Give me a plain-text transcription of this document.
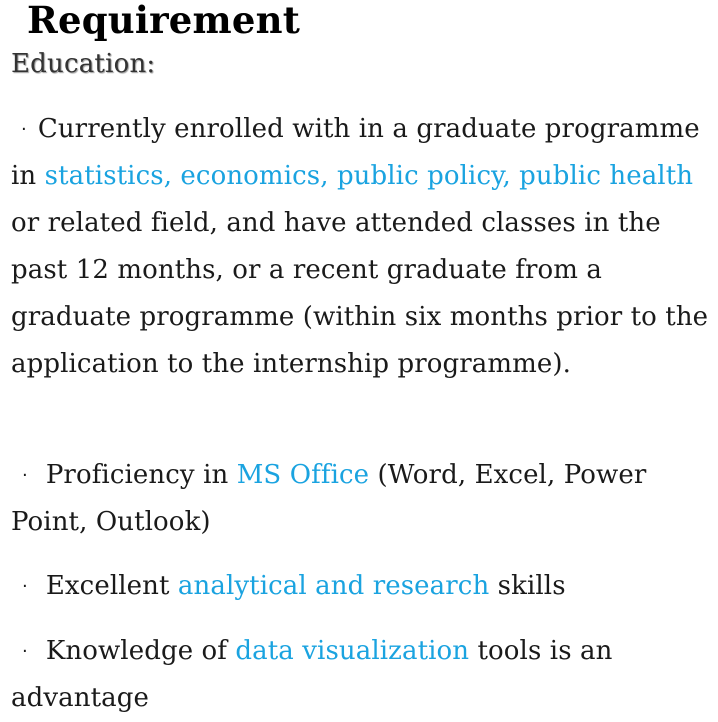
Requirement
Education:

· Currently enrolled with in a graduate programme in statistics, economics, public policy, public health or related field, and have attended classes in the past 12 months, or a recent graduate from a graduate programme (within six months prior to the application to the internship programme).

· Proficiency in MS Office (Word, Excel, Power Point, Outlook)

· Excellent analytical and research skills

· Knowledge of data visualization tools is an advantage
